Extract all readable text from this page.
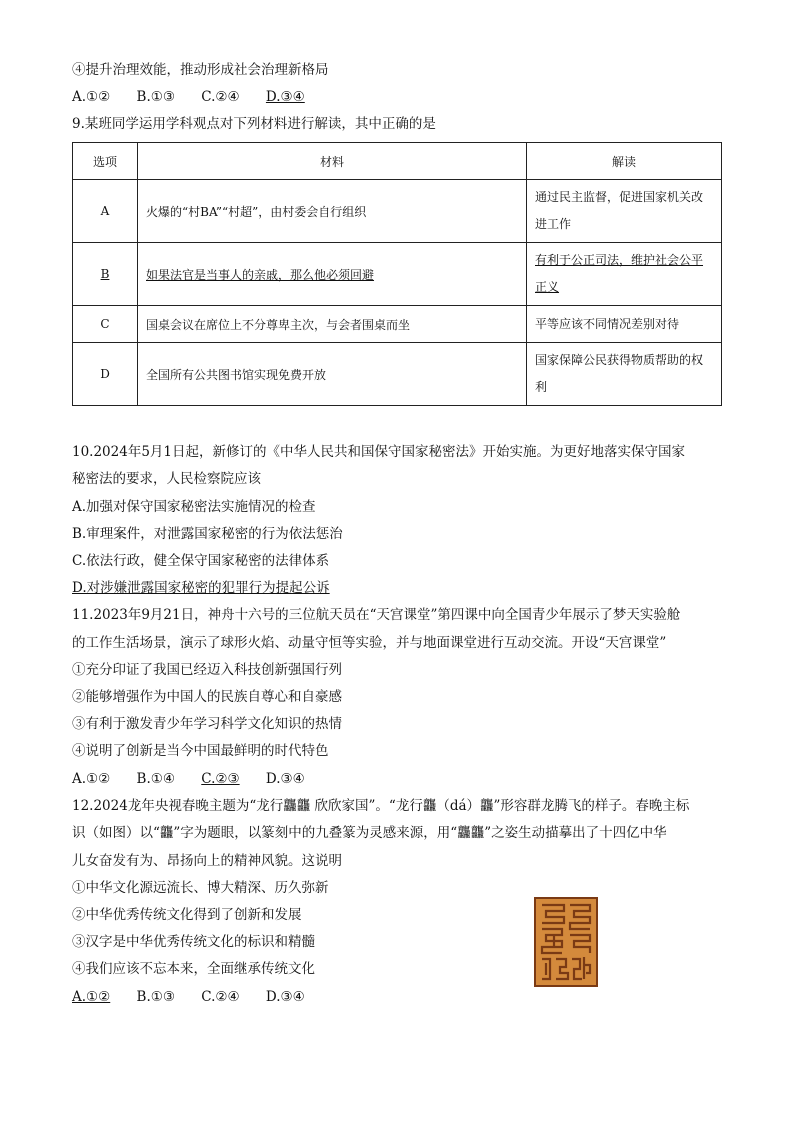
④提升治理效能，推动形成社会治理新格局
A.①② B.①③ C.②④ D.③④
9.某班同学运用学科观点对下列材料进行解读，其中正确的是
选项	材料	解读
A	火爆的“村BA”“村超”，由村委会自行组织	通过民主监督，促进国家机关改进工作
B	如果法官是当事人的亲戚，那么他必须回避	有利于公正司法，维护社会公平正义
C	国桌会议在席位上不分尊卑主次，与会者围桌而坐	平等应该不同情况差别对待
D	全国所有公共图书馆实现免费开放	国家保障公民获得物质帮助的权利
10.2024年5月1日起，新修订的《中华人民共和国保守国家秘密法》开始实施。为更好地落实保守国家
秘密法的要求，人民检察院应该
A.加强对保守国家秘密法实施情况的检查
B.审理案件，对泄露国家秘密的行为依法惩治
C.依法行政，健全保守国家秘密的法律体系
D.对涉嫌泄露国家秘密的犯罪行为提起公诉
11.2023年9月21日，神舟十六号的三位航天员在“天宫课堂”第四课中向全国青少年展示了梦天实验舱
的工作生活场景，演示了球形火焰、动量守恒等实验，并与地面课堂进行互动交流。开设“天宫课堂”
①充分印证了我国已经迈入科技创新强国行列
②能够增强作为中国人的民族自尊心和自豪感
③有利于激发青少年学习科学文化知识的热情
④说明了创新是当今中国最鲜明的时代特色
A.①② B.①④ C.②③ D.③④
12.2024龙年央视春晚主题为“龙行龘龘 欣欣家国”。“龙行龘（dá）龘”形容群龙腾飞的样子。春晚主标
识（如图）以“龘”字为题眼，以篆刻中的九叠篆为灵感来源，用“龘龘”之姿生动描摹出了十四亿中华
儿女奋发有为、昂扬向上的精神风貌。这说明
①中华文化源远流长、博大精深、历久弥新
②中华优秀传统文化得到了创新和发展
③汉字是中华优秀传统文化的标识和精髓
④我们应该不忘本来，全面继承传统文化
A.①② B.①③ C.②④ D.③④
